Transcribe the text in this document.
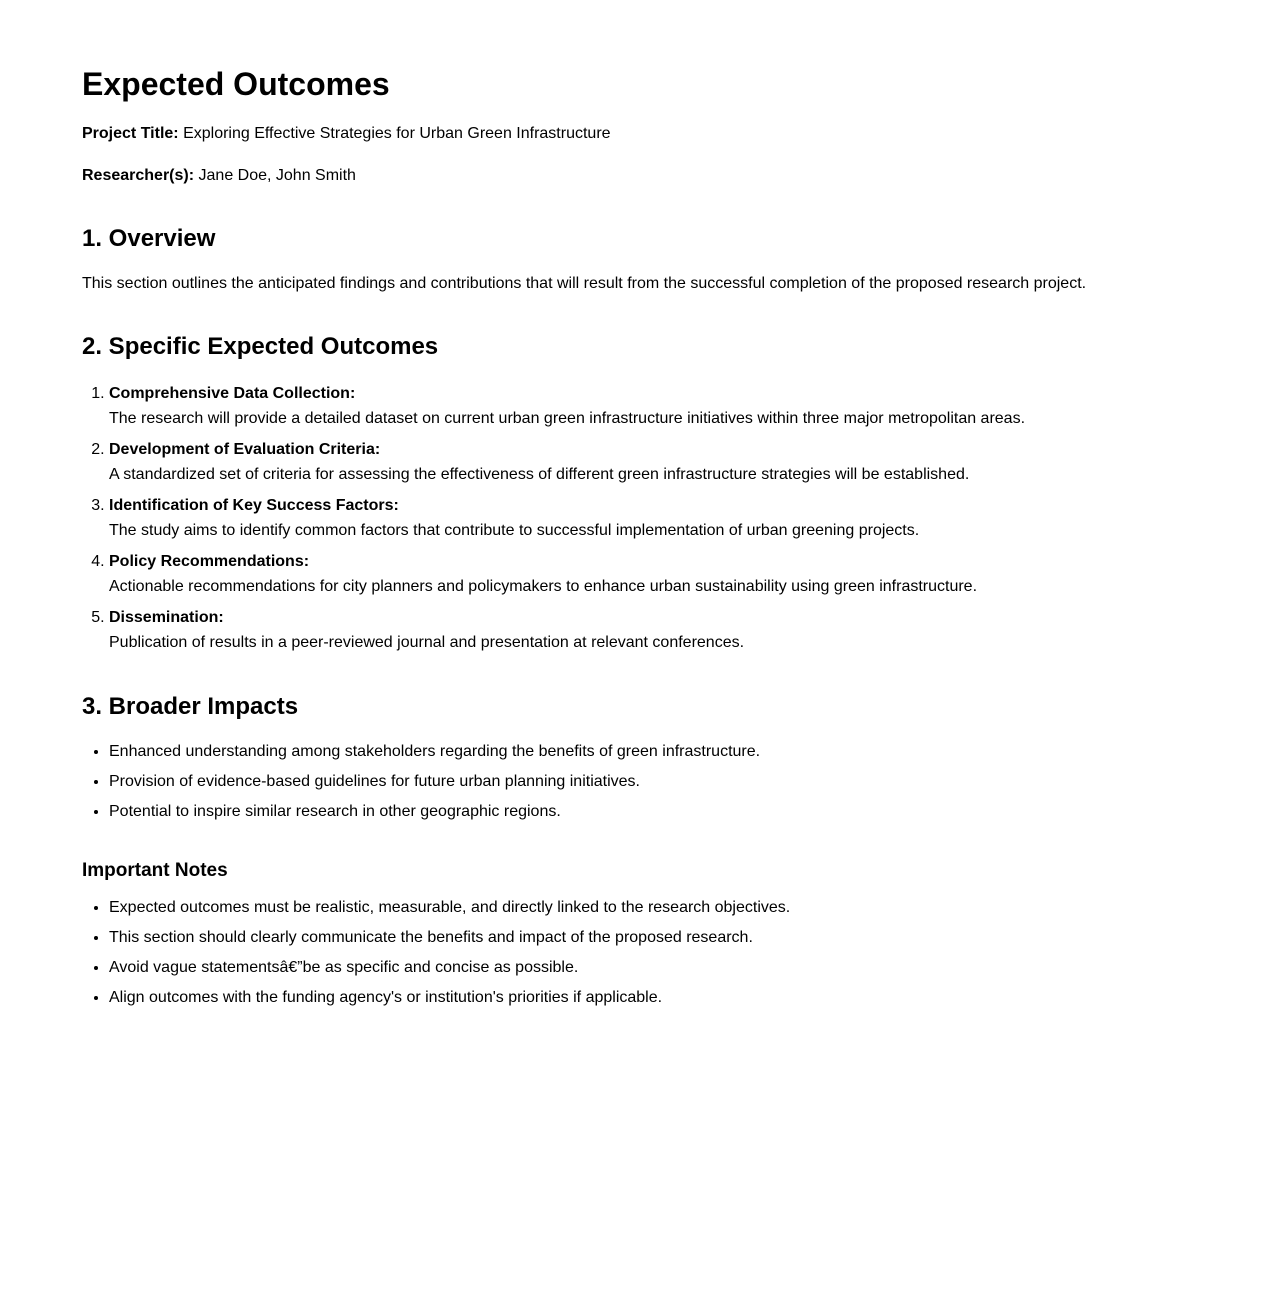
Expected Outcomes

Project Title: Exploring Effective Strategies for Urban Green Infrastructure

Researcher(s): Jane Doe, John Smith

1. Overview

This section outlines the anticipated findings and contributions that will result from the successful completion of the proposed research project.

2. Specific Expected Outcomes
1. Comprehensive Data Collection:
The research will provide a detailed dataset on current urban green infrastructure initiatives within three major metropolitan areas.
2. Development of Evaluation Criteria:
A standardized set of criteria for assessing the effectiveness of different green infrastructure strategies will be established.
3. Identification of Key Success Factors:
The study aims to identify common factors that contribute to successful implementation of urban greening projects.
4. Policy Recommendations:
Actionable recommendations for city planners and policymakers to enhance urban sustainability using green infrastructure.
5. Dissemination:
Publication of results in a peer-reviewed journal and presentation at relevant conferences.
3. Broader Impacts
• Enhanced understanding among stakeholders regarding the benefits of green infrastructure.
• Provision of evidence-based guidelines for future urban planning initiatives.
• Potential to inspire similar research in other geographic regions.
Important Notes
• Expected outcomes must be realistic, measurable, and directly linked to the research objectives.
• This section should clearly communicate the benefits and impact of the proposed research.
• Avoid vague statementsâ€”be as specific and concise as possible.
• Align outcomes with the funding agency's or institution's priorities if applicable.
